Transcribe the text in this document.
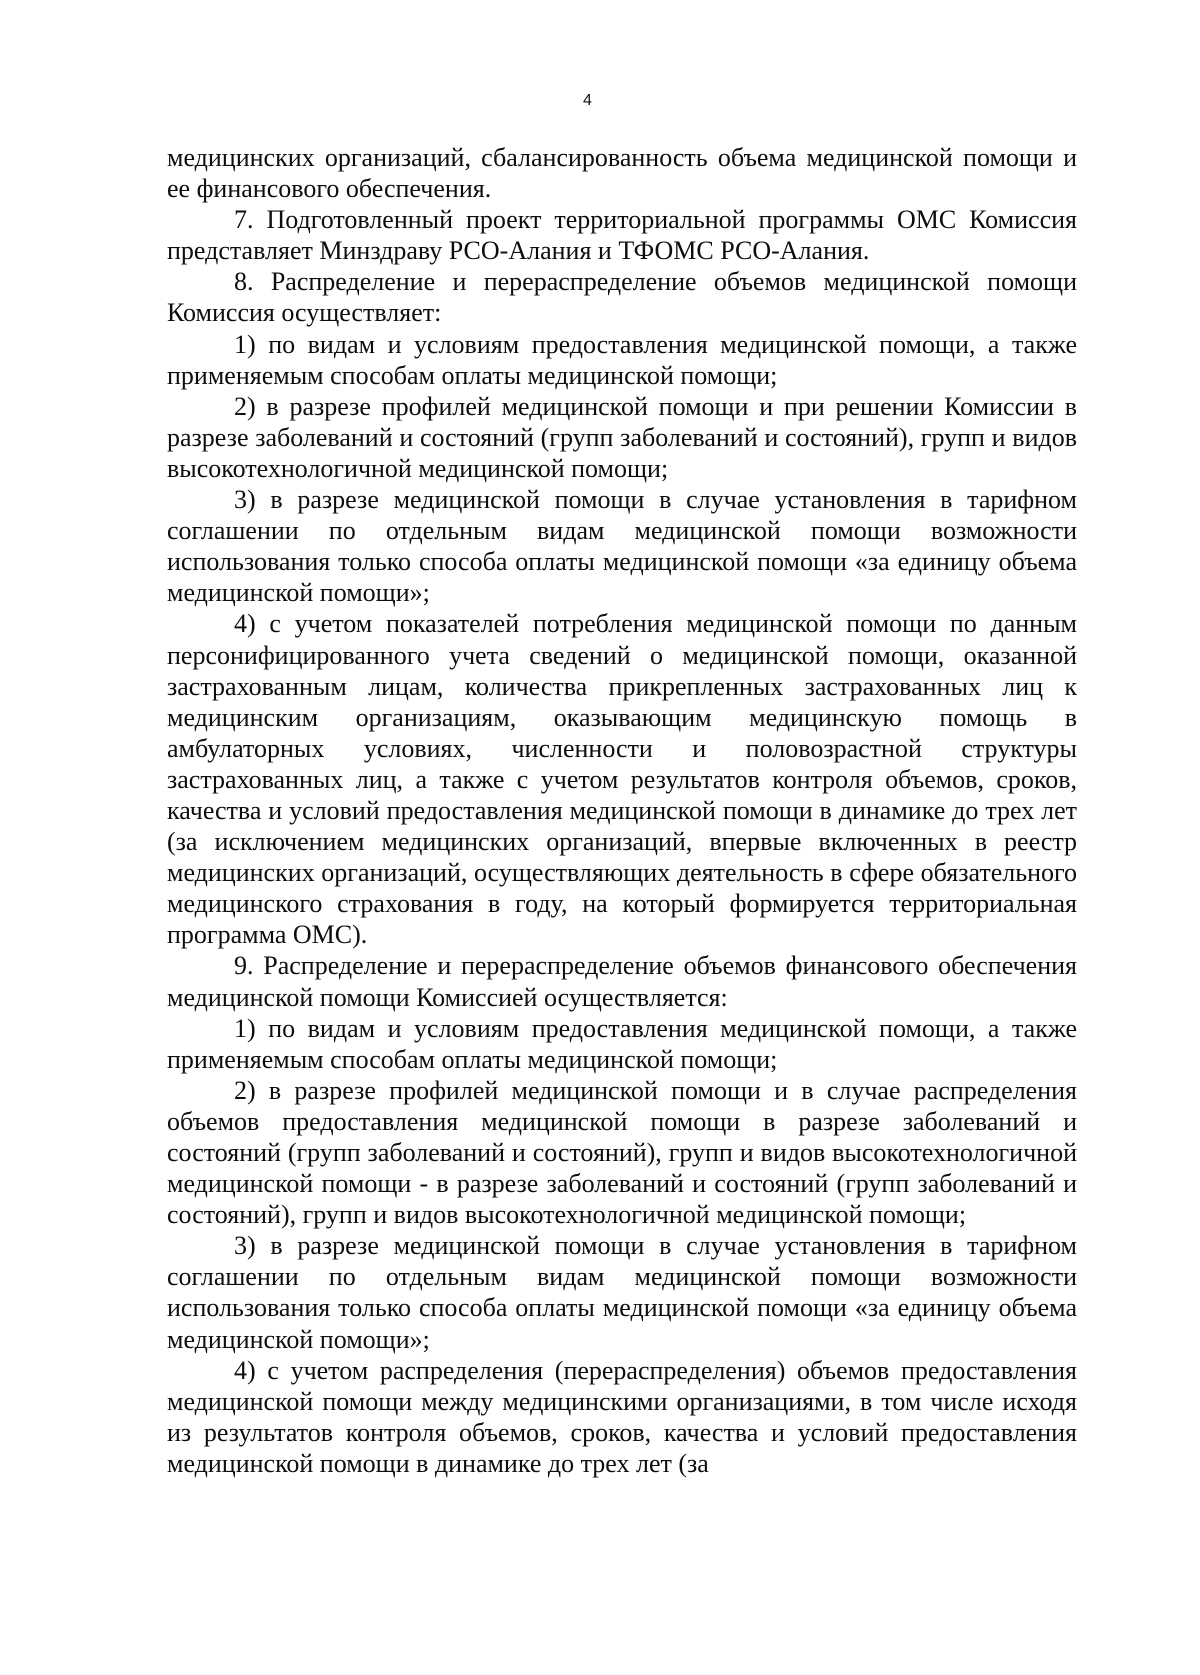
4

медицинских организаций, сбалансированность объема медицинской помощи и ее финансового обеспечения.

7. Подготовленный проект территориальной программы ОМС Комиссия представляет Минздраву РСО-Алания и ТФОМС РСО-Алания.

8. Распределение и перераспределение объемов медицинской помощи Комиссия осуществляет:

1) по видам и условиям предоставления медицинской помощи, а также применяемым способам оплаты медицинской помощи;

2) в разрезе профилей медицинской помощи и при решении Комиссии в разрезе заболеваний и состояний (групп заболеваний и состояний), групп и видов высокотехнологичной медицинской помощи;

3) в разрезе медицинской помощи в случае установления в тарифном соглашении по отдельным видам медицинской помощи возможности использования только способа оплаты медицинской помощи «за единицу объема медицинской помощи»;

4) с учетом показателей потребления медицинской помощи по данным персонифицированного учета сведений о медицинской помощи, оказанной застрахованным лицам, количества прикрепленных застрахованных лиц к медицинским организациям, оказывающим медицинскую помощь в амбулаторных условиях, численности и половозрастной структуры застрахованных лиц, а также с учетом результатов контроля объемов, сроков, качества и условий предоставления медицинской помощи в динамике до трех лет (за исключением медицинских организаций, впервые включенных в реестр медицинских организаций, осуществляющих деятельность в сфере обязательного медицинского страхования в году, на который формируется территориальная программа ОМС).

9. Распределение и перераспределение объемов финансового обеспечения медицинской помощи Комиссией осуществляется:

1) по видам и условиям предоставления медицинской помощи, а также применяемым способам оплаты медицинской помощи;

2) в разрезе профилей медицинской помощи и в случае распределения объемов предоставления медицинской помощи в разрезе заболеваний и состояний (групп заболеваний и состояний), групп и видов высокотехнологичной медицинской помощи - в разрезе заболеваний и состояний (групп заболеваний и состояний), групп и видов высокотехнологичной медицинской помощи;

3) в разрезе медицинской помощи в случае установления в тарифном соглашении по отдельным видам медицинской помощи возможности использования только способа оплаты медицинской помощи «за единицу объема медицинской помощи»;

4) с учетом распределения (перераспределения) объемов предоставления медицинской помощи между медицинскими организациями, в том числе исходя из результатов контроля объемов, сроков, качества и условий предоставления медицинской помощи в динамике до трех лет (за
